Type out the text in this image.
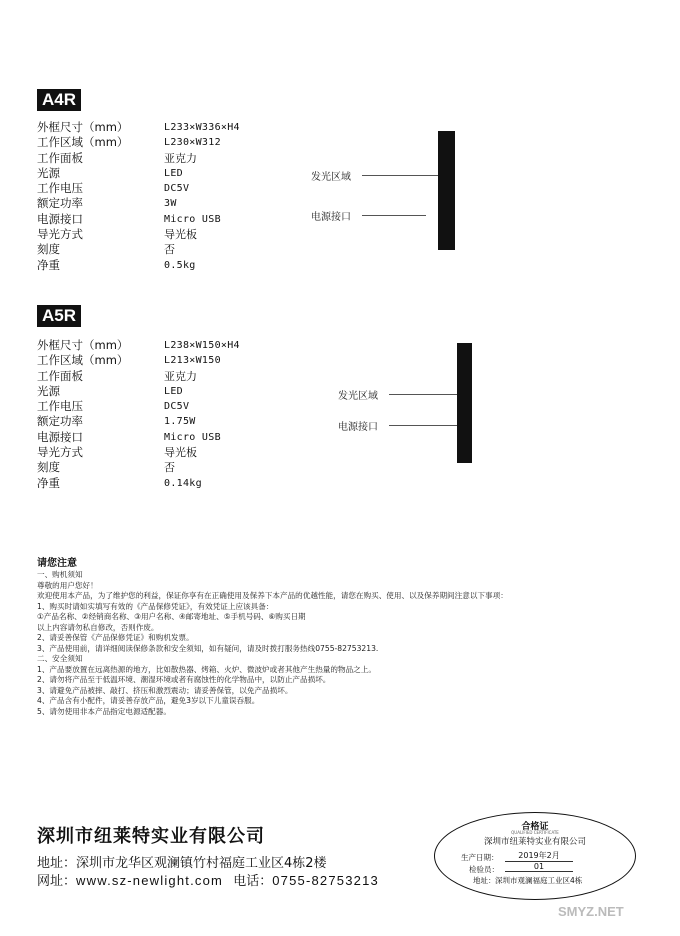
A4R
外框尺寸（mm）	L233×W336×H4
工作区域（mm）	L230×W312
工作面板	亚克力
光源	LED
工作电压	DC5V
额定功率	3W
电源接口	Micro USB
导光方式	导光板
刻度	否
净重	0.5kg
发光区域
电源接口
A5R
外框尺寸（mm）	L238×W150×H4
工作区域（mm）	L213×W150
工作面板	亚克力
光源	LED
工作电压	DC5V
额定功率	1.75W
电源接口	Micro USB
导光方式	导光板
刻度	否
净重	0.14kg
发光区域
电源接口
请您注意
一、购机须知
尊敬的用户您好！
欢迎使用本产品，为了维护您的利益，保证你享有在正确使用及保养下本产品的优越性能，请您在购买、使用、以及保养期间注意以下事项：
1、购买时请如实填写有效的《产品保修凭证》，有效凭证上应该具备：
①产品名称、②经销商名称、③用户名称、④邮寄地址、⑤手机号码、⑥购买日期
以上内容请勿私自修改，否则作废。
2、请妥善保管《产品保修凭证》和购机发票。
3、产品使用前，请详细阅读保修条款和安全须知，如有疑问，请及时拨打服务热线0755-82753213.
二、安全须知
1、产品要放置在远离热源的地方，比如散热器、烤箱、火炉、微波炉或者其他产生热量的物品之上。
2、请勿将产品至于低温环境、潮湿环境或者有腐蚀性的化学物品中，以防止产品损坏。
3、请避免产品被摔、敲打、挤压和激烈震动；请妥善保管，以免产品损坏。
4、产品含有小配件，请妥善存放产品，避免3岁以下儿童误吞服。
5、请勿使用非本产品指定电源适配器。
深圳市纽莱特实业有限公司
地址：深圳市龙华区观澜镇竹村福庭工业区4栋2楼
网址：www.sz-newlight.com 电话：0755-82753213
合格证
QUALIFIED CERTIFICATE
深圳市纽莱特实业有限公司
生产日期：	2019年2月
检验员：	01
地址： 深圳市观澜福庭工业区4栋
SMYZ.NET
